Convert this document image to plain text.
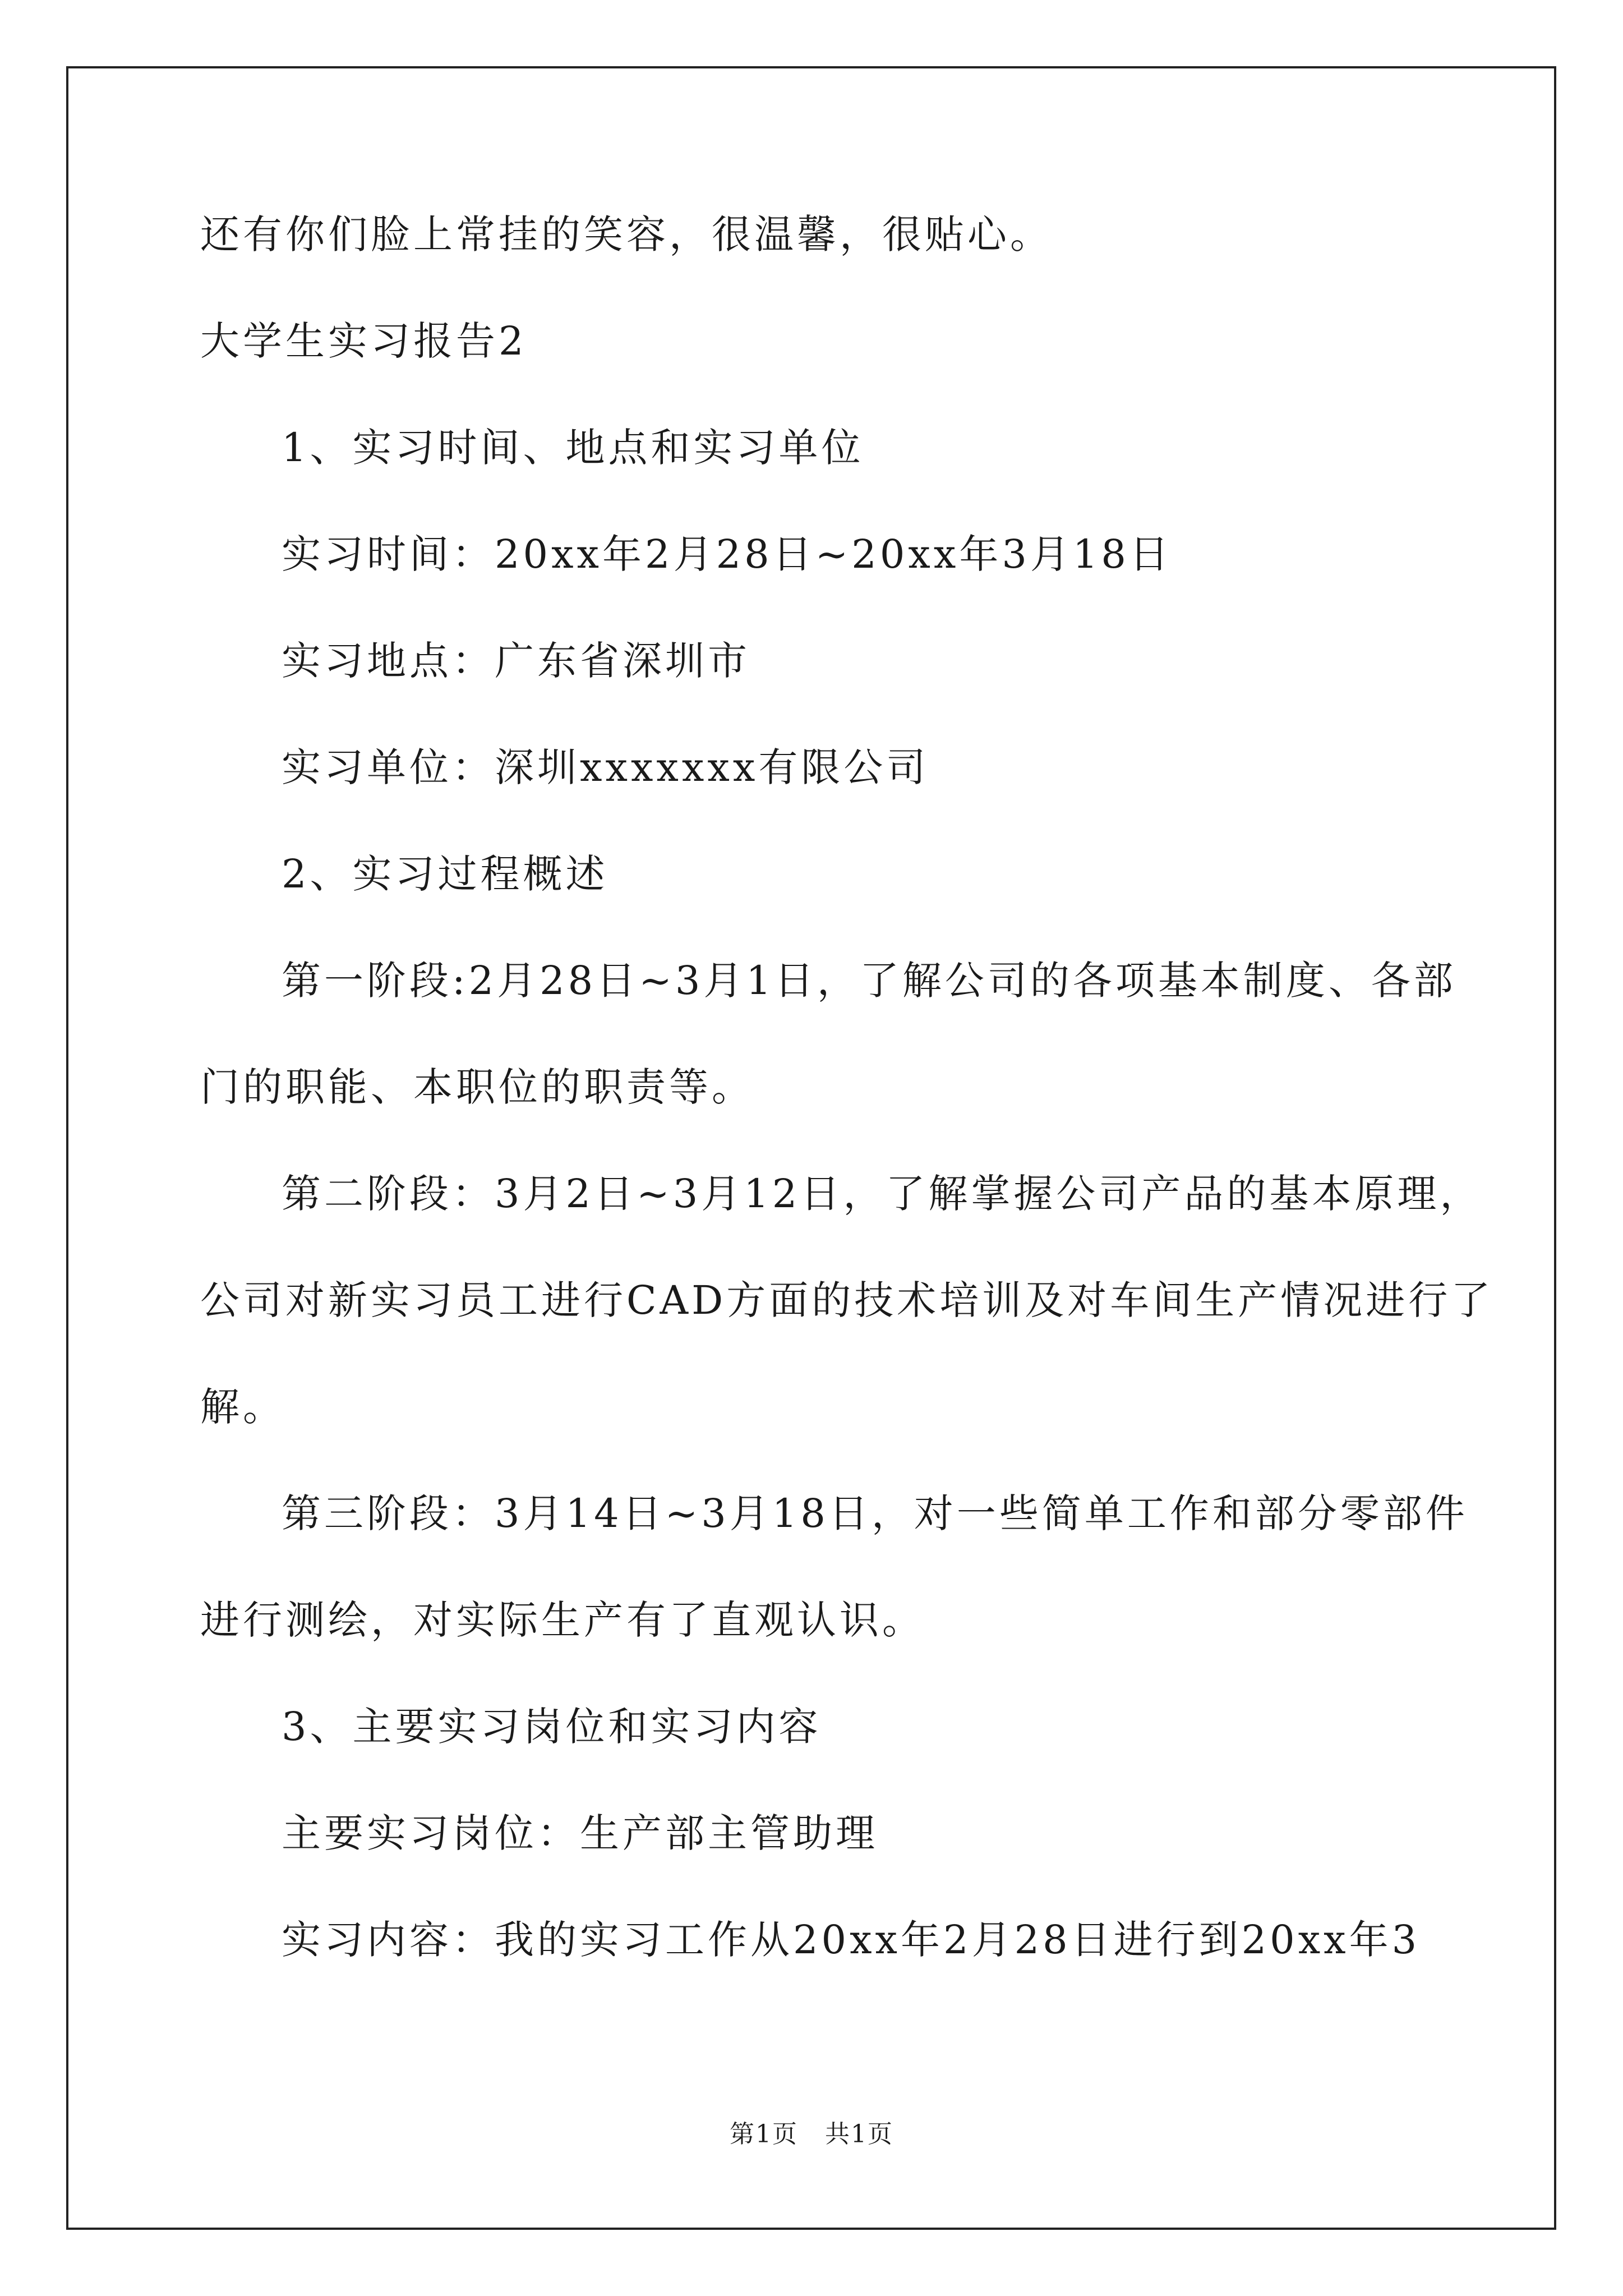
还有你们脸上常挂的笑容，很温馨，很贴心。
大学生实习报告2
1、实习时间、地点和实习单位
实习时间：20xx年2月28日~20xx年3月18日
实习地点：广东省深圳市
实习单位：深圳xxxxxxx有限公司
2、实习过程概述
第一阶段:2月28日~3月1日，了解公司的各项基本制度、各部
门的职能、本职位的职责等。
第二阶段：3月2日~3月12日，了解掌握公司产品的基本原理，
公司对新实习员工进行CAD方面的技术培训及对车间生产情况进行了
解。
第三阶段：3月14日~3月18日，对一些简单工作和部分零部件
进行测绘，对实际生产有了直观认识。
3、主要实习岗位和实习内容
主要实习岗位：生产部主管助理
实习内容：我的实习工作从20xx年2月28日进行到20xx年3
第1页 共1页
